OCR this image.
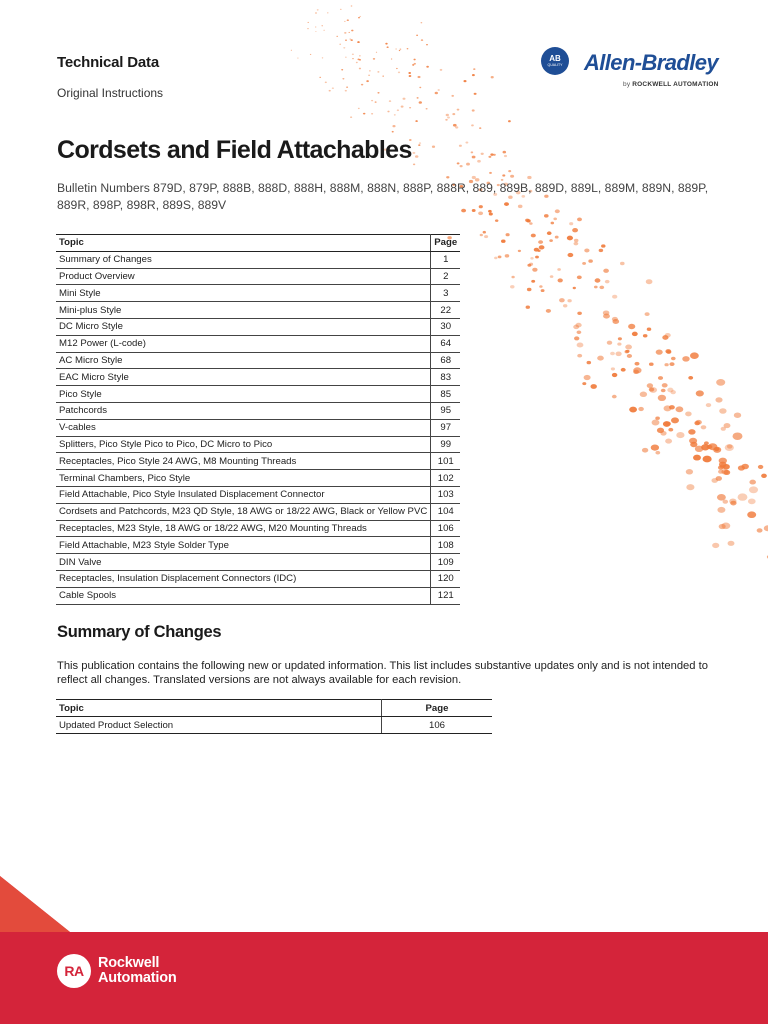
Technical Data
Original Instructions
AB
QUALITY Allen-Bradley
by ROCKWELL AUTOMATION
Cordsets and Field Attachables
Bulletin Numbers 879D, 879P, 888B, 888D, 888H, 888M, 888N, 888P, 888R, 889, 889B, 889D, 889L, 889M, 889N, 889P, 889R, 898P, 898R, 889S, 889V
Topic	Page
Summary of Changes	1
Product Overview	2
Mini Style	3
Mini-plus Style	22
DC Micro Style	30
M12 Power (L-code)	64
AC Micro Style	68
EAC Micro Style	83
Pico Style	85
Patchcords	95
V-cables	97
Splitters, Pico Style Pico to Pico, DC Micro to Pico	99
Receptacles, Pico Style 24 AWG, M8 Mounting Threads	101
Terminal Chambers, Pico Style	102
Field Attachable, Pico Style Insulated Displacement Connector	103
Cordsets and Patchcords, M23 QD Style, 18 AWG or 18/22 AWG, Black or Yellow PVC	104
Receptacles, M23 Style, 18 AWG or 18/22 AWG, M20 Mounting Threads	106
Field Attachable, M23 Style Solder Type	108
DIN Valve	109
Receptacles, Insulation Displacement Connectors (IDC)	120
Cable Spools	121
Summary of Changes
This publication contains the following new or updated information. This list includes substantive updates only and is not intended to reflect all changes. Translated versions are not always available for each revision.
Topic	Page
Updated Product Selection	106
RA Rockwell
Automation
